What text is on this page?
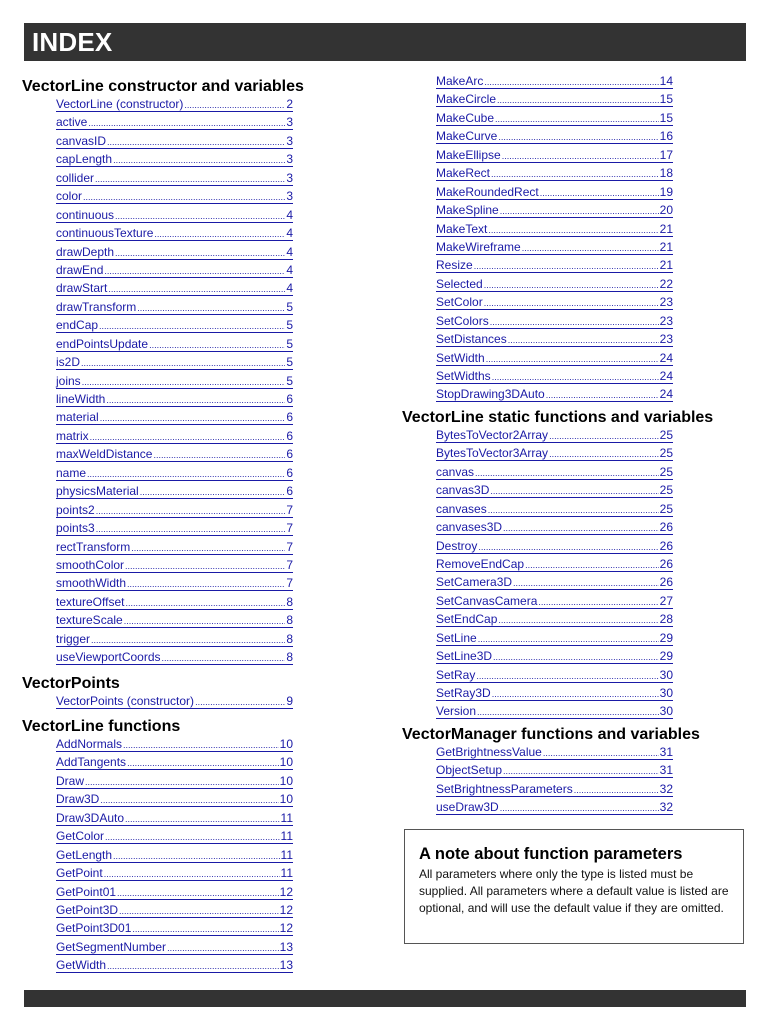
INDEX
VectorLine constructor and variables
VectorLine (constructor) .....	2
active .....	3
canvasID .....	3
capLength .....	3
collider .....	3
color .....	3
continuous .....	4
continuousTexture .....	4
drawDepth .....	4
drawEnd .....	4
drawStart .....	4
drawTransform .....	5
endCap .....	5
endPointsUpdate .....	5
is2D .....	5
joins .....	5
lineWidth .....	6
material .....	6
matrix .....	6
maxWeldDistance .....	6
name .....	6
physicsMaterial .....	6
points2 .....	7
points3 .....	7
rectTransform .....	7
smoothColor .....	7
smoothWidth .....	7
textureOffset .....	8
textureScale .....	8
trigger .....	8
useViewportCoords .....	8
VectorPoints
VectorPoints (constructor) .....	9
VectorLine functions
AddNormals .....	10
AddTangents .....	10
Draw .....	10
Draw3D .....	10
Draw3DAuto .....	11
GetColor .....	11
GetLength .....	11
GetPoint .....	11
GetPoint01 .....	12
GetPoint3D .....	12
GetPoint3D01 .....	12
GetSegmentNumber .....	13
GetWidth .....	13
MakeArc .....	14
MakeCircle .....	15
MakeCube .....	15
MakeCurve .....	16
MakeEllipse .....	17
MakeRect .....	18
MakeRoundedRect .....	19
MakeSpline .....	20
MakeText .....	21
MakeWireframe .....	21
Resize .....	21
Selected .....	22
SetColor .....	23
SetColors .....	23
SetDistances .....	23
SetWidth .....	24
SetWidths .....	24
StopDrawing3DAuto .....	24
VectorLine static functions and variables
BytesToVector2Array .....	25
BytesToVector3Array .....	25
canvas .....	25
canvas3D .....	25
canvases .....	25
canvases3D .....	26
Destroy .....	26
RemoveEndCap .....	26
SetCamera3D .....	26
SetCanvasCamera .....	27
SetEndCap .....	28
SetLine .....	29
SetLine3D .....	29
SetRay .....	30
SetRay3D .....	30
Version .....	30
VectorManager functions and variables
GetBrightnessValue .....	31
ObjectSetup .....	31
SetBrightnessParameters .....	32
useDraw3D .....	32
A note about function parameters
All parameters where only the type is listed must be supplied. All parameters where a default value is listed are optional, and will use the default value if they are omitted.
